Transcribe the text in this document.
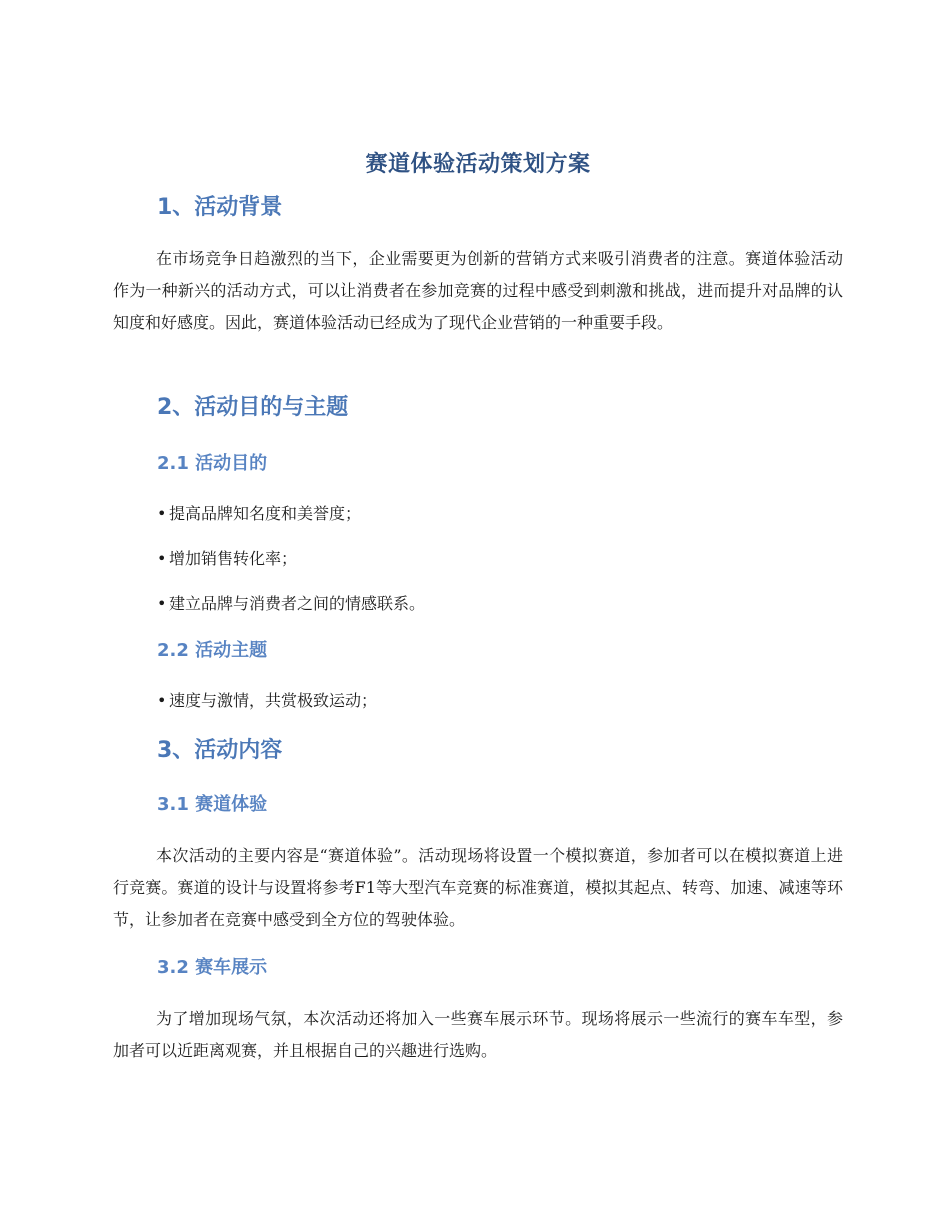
赛道体验活动策划方案
1、活动背景

在市场竞争日趋激烈的当下，企业需要更为创新的营销方式来吸引消费者的注意。赛道体验活动作为一种新兴的活动方式，可以让消费者在参加竞赛的过程中感受到刺激和挑战，进而提升对品牌的认知度和好感度。因此，赛道体验活动已经成为了现代企业营销的一种重要手段。

2、活动目的与主题
2.1 活动目的
• 提高品牌知名度和美誉度；
• 增加销售转化率；
• 建立品牌与消费者之间的情感联系。
2.2 活动主题
• 速度与激情，共赏极致运动；
3、活动内容
3.1 赛道体验

本次活动的主要内容是“赛道体验”。活动现场将设置一个模拟赛道，参加者可以在模拟赛道上进行竞赛。赛道的设计与设置将参考F1等大型汽车竞赛的标准赛道，模拟其起点、转弯、加速、减速等环节，让参加者在竞赛中感受到全方位的驾驶体验。

3.2 赛车展示

为了增加现场气氛，本次活动还将加入一些赛车展示环节。现场将展示一些流行的赛车车型，参加者可以近距离观赛，并且根据自己的兴趣进行选购。
